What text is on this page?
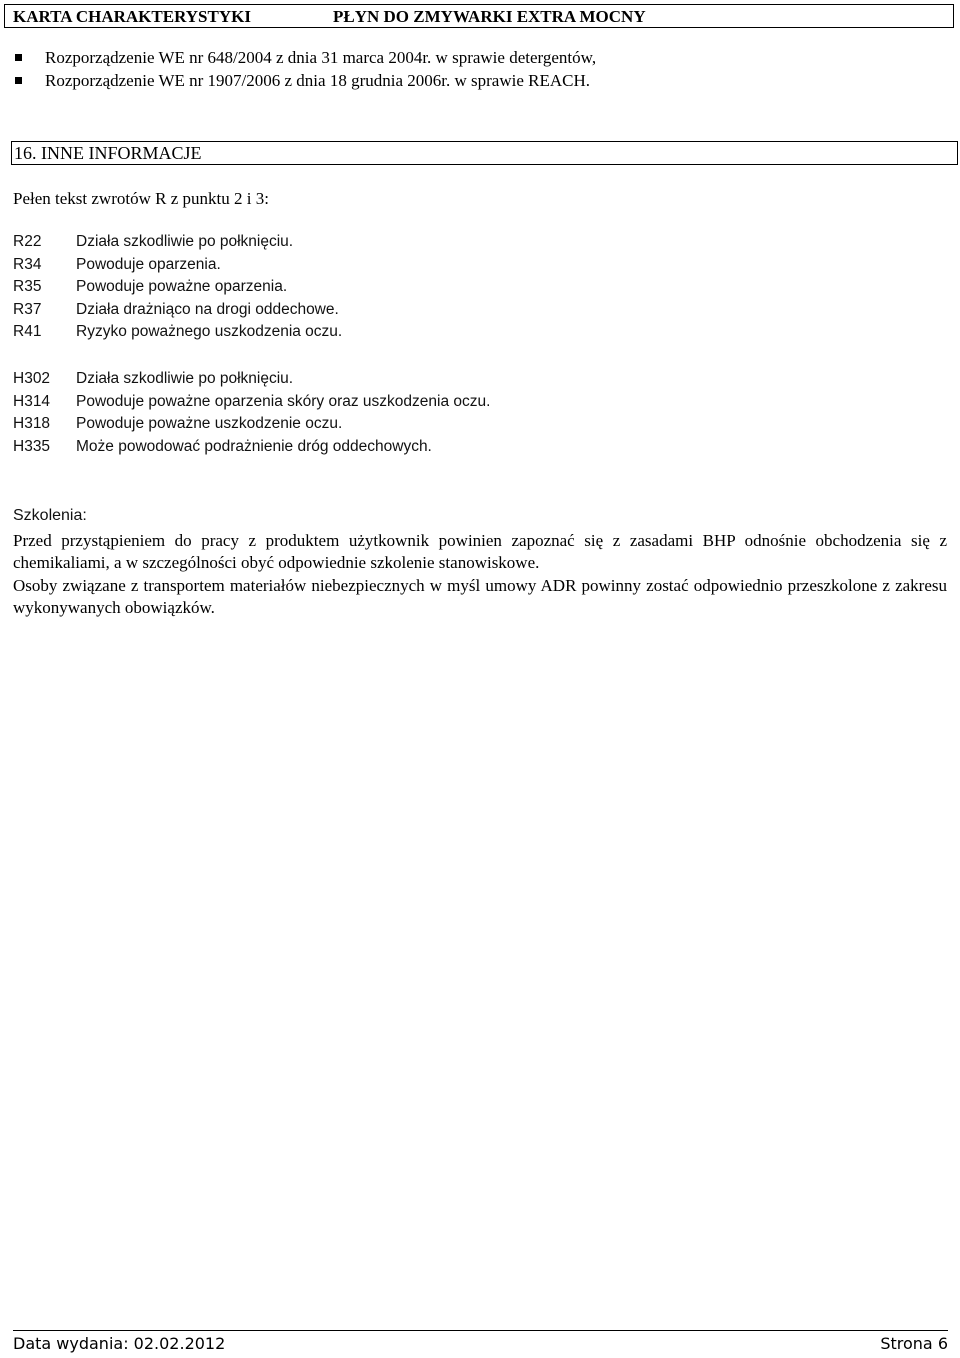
KARTA CHARAKTERYSTYKI	PŁYN DO ZMYWARKI EXTRA MOCNY
Rozporządzenie WE nr 648/2004 z dnia 31 marca 2004r. w sprawie detergentów,
Rozporządzenie WE nr 1907/2006 z dnia 18 grudnia 2006r. w sprawie REACH.
16. INNE INFORMACJE
Pełen tekst zwrotów R z punktu 2 i 3:
R22 Działa szkodliwie po połknięciu.
R34 Powoduje oparzenia.
R35 Powoduje poważne oparzenia.
R37 Działa drażniąco na drogi oddechowe.
R41 Ryzyko poważnego uszkodzenia oczu.
H302 Działa szkodliwie po połknięciu.
H314 Powoduje poważne oparzenia skóry oraz uszkodzenia oczu.
H318 Powoduje poważne uszkodzenie oczu.
H335 Może powodować podrażnienie dróg oddechowych.
Szkolenia:

Przed przystąpieniem do pracy z produktem użytkownik powinien zapoznać się z zasadami BHP odnośnie obchodzenia się z chemikaliami, a w szczególności obyć odpowiednie szkolenie stanowiskowe.

Osoby związane z transportem materiałów niebezpiecznych w myśl umowy ADR powinny zostać odpowiednio przeszkolone z zakresu wykonywanych obowiązków.

Data wydania: 02.02.2012	Strona 6
